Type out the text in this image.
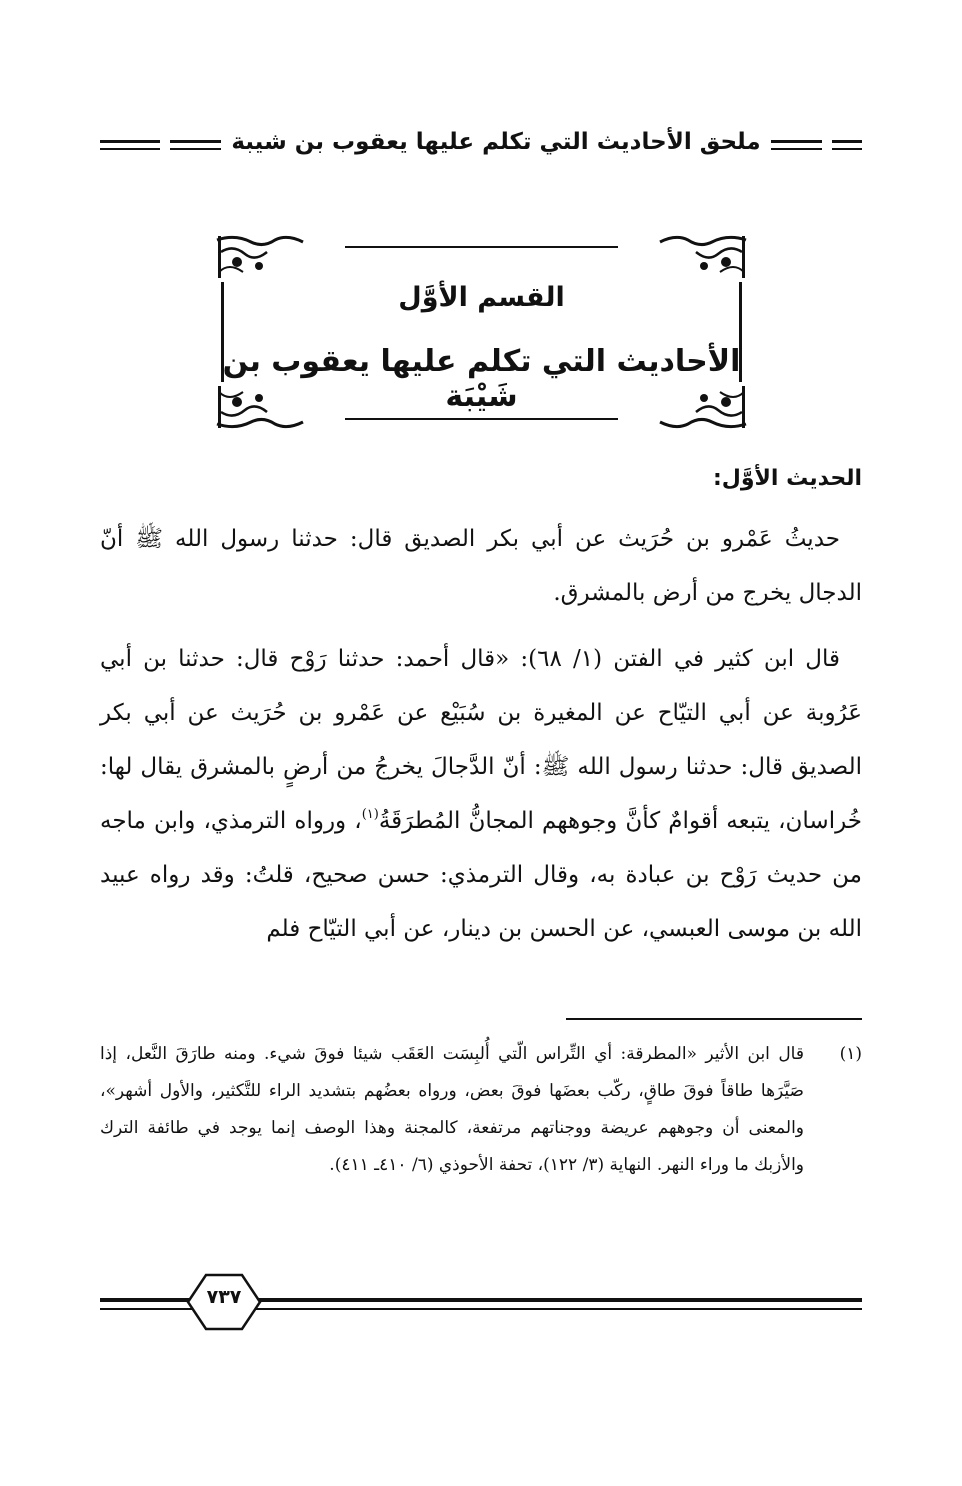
ملحق الأحاديث التي تكلم عليها يعقوب بن شيبة
القسم الأوَّل
الأحاديث التي تكلم عليها يعقوب بن شَيْبَة
الحديث الأوَّل:
حديثُ عَمْرو بن حُرَيث عن أبي بكر الصديق قال: حدثنا رسول الله ﷺ أنّ الدجال يخرج من أرض بالمشرق.
قال ابن كثير في الفتن (١/ ٦٨): «قال أحمد: حدثنا رَوْح قال: حدثنا بن أبي عَرُوبة عن أبي التيّاح عن المغيرة بن سُبَيْع عن عَمْرو بن حُرَيث عن أبي بكر الصديق قال: حدثنا رسول الله ﷺ: أنّ الدَّجالَ يخرجُ من أرضٍ بالمشرق يقال لها: خُراسان، يتبعه أقوامٌ كأنَّ وجوههم المجانُّ المُطرَقَةُ$^{(١)}$، ورواه الترمذي، وابن ماجه من حديث رَوْح بن عبادة به، وقال الترمذي: حسن صحيح، قلتُ: وقد رواه عبيد الله بن موسى العبسي، عن الحسن بن دينار، عن أبي التيّاح فلم
(١)
قال ابن الأثير «المطرقة: أي التِّراس الّتي أُلبِسَت العَقَب شيئا فوقَ شيء. ومنه طارَقَ النَّعل، إذا صَيَّرَها طاقاً فوقَ طاقٍ، ركّب بعضَها فوقَ بعض، ورواه بعضُهم بتشديد الراء للتَّكثير، والأول أشهر»، والمعنى أن وجوههم عريضة ووجناتهم مرتفعة، كالمجنة وهذا الوصف إنما يوجد في طائفة الترك والأزبك ما وراء النهر. النهاية (٣/ ١٢٢)، تحفة الأحوذي (٦/ ٤١٠ـ ٤١١).
٧٣٧
